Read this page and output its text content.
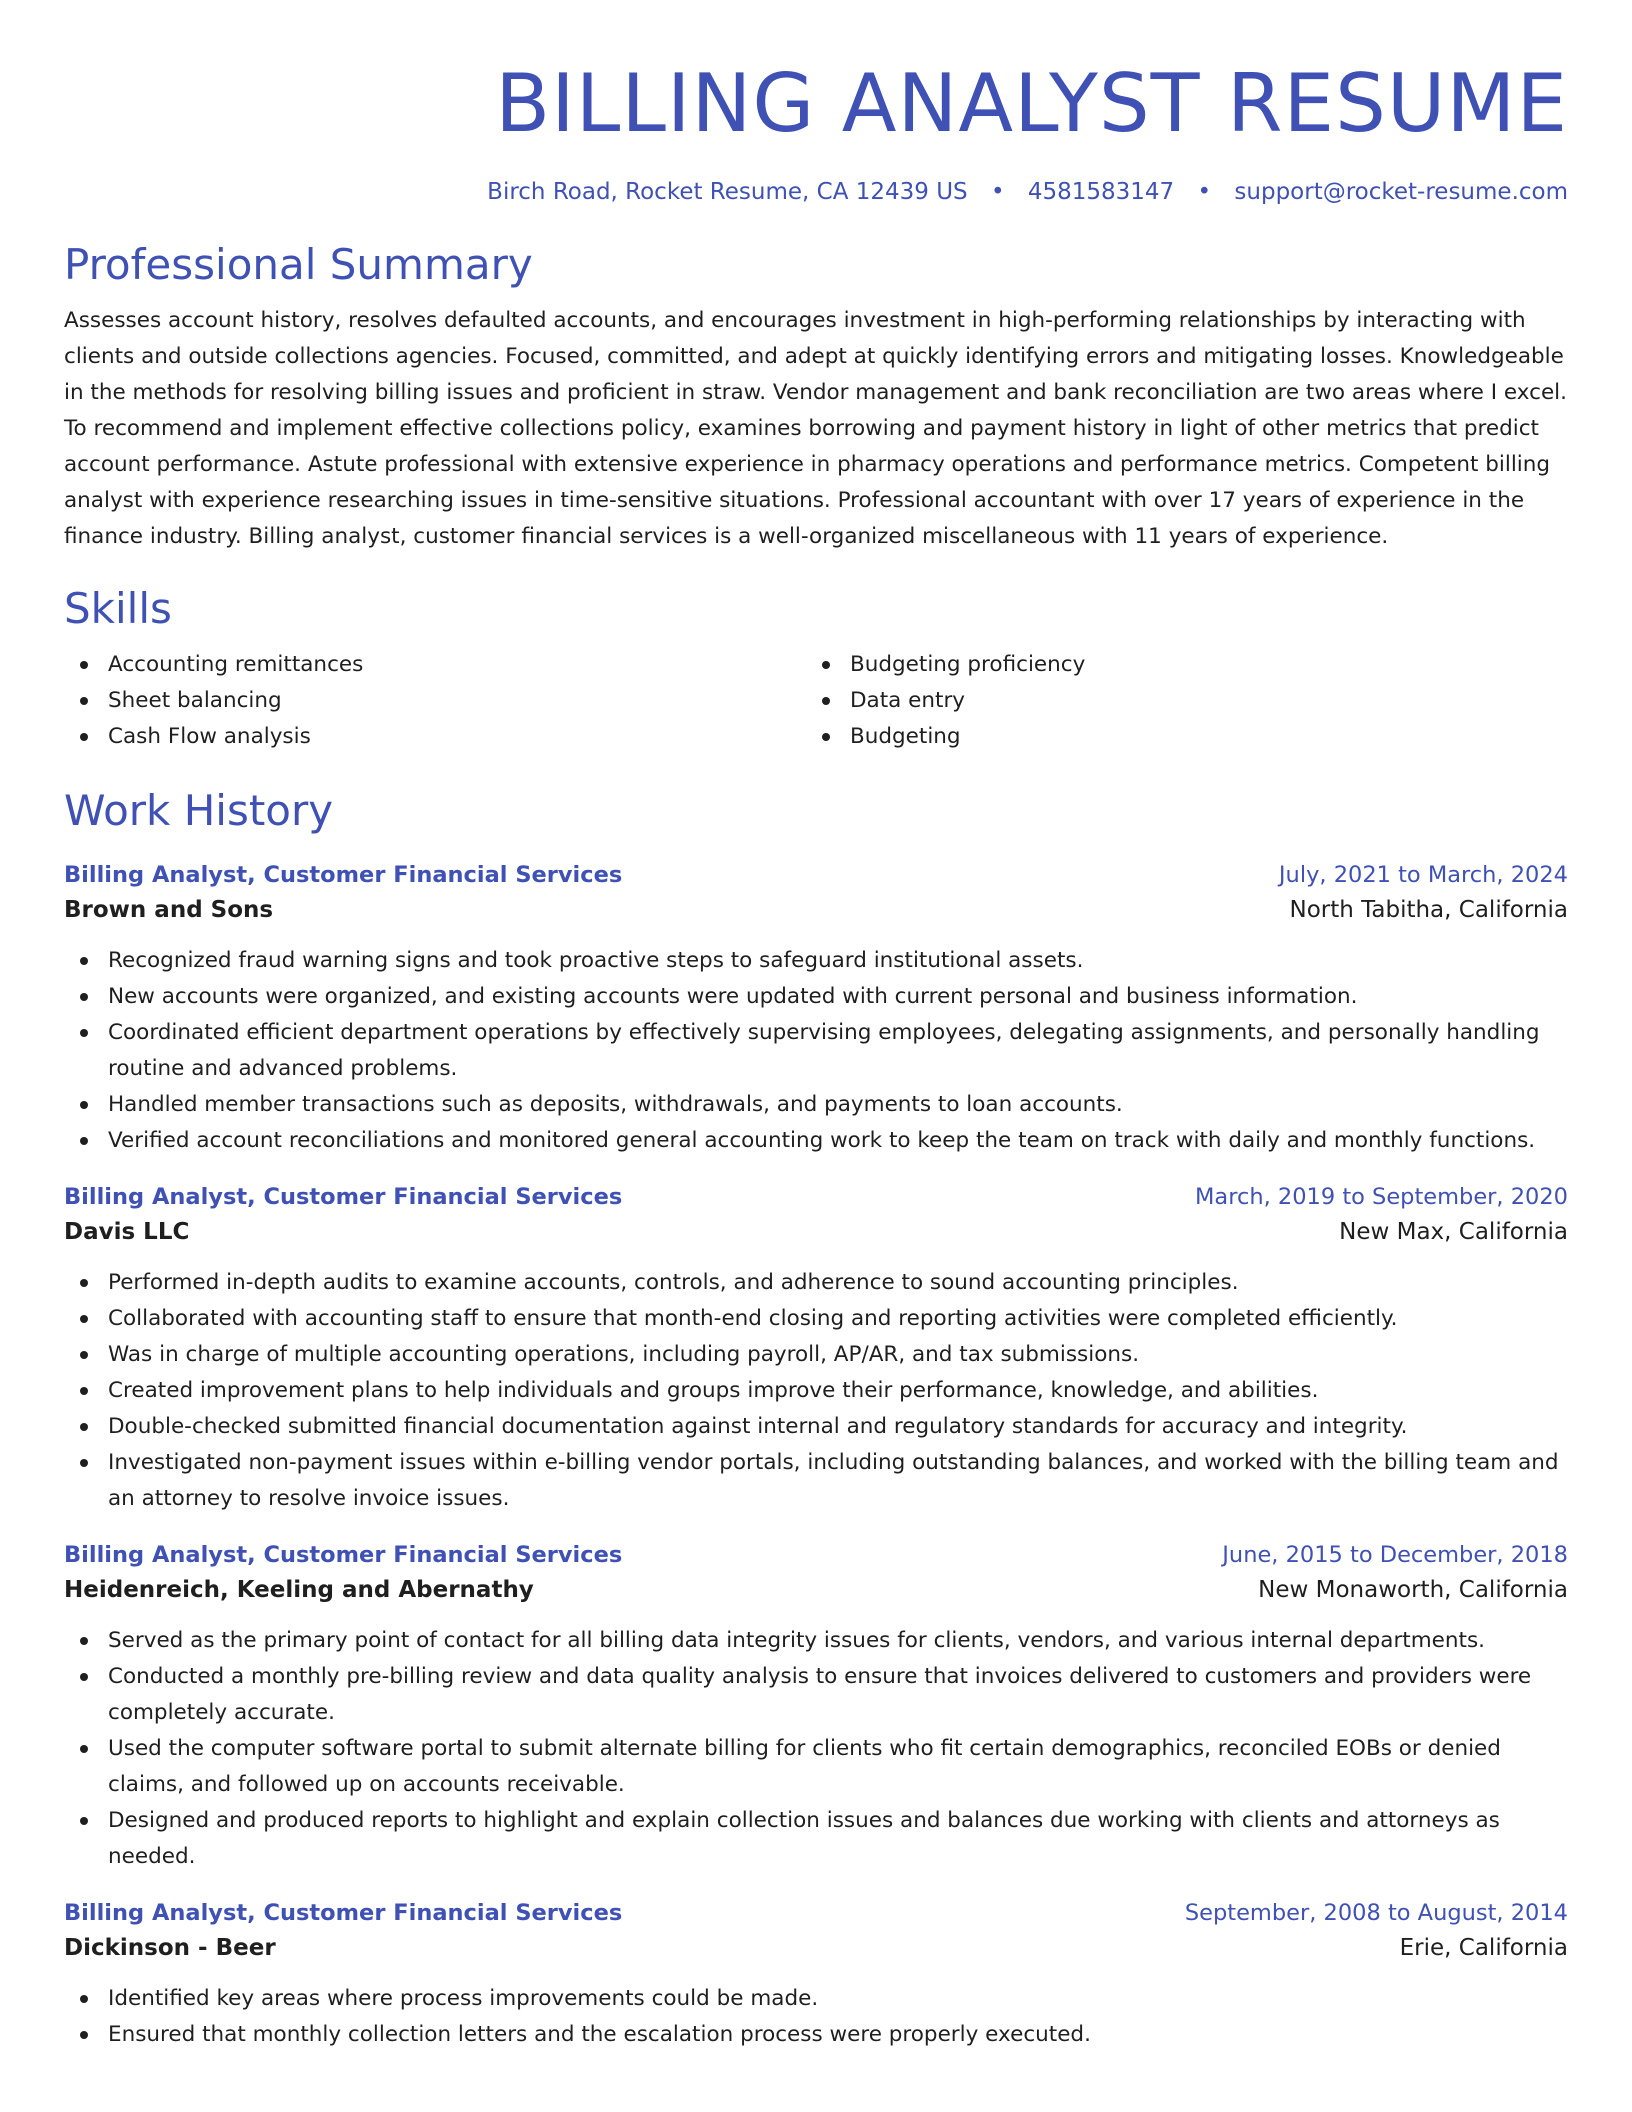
BILLING ANALYST RESUME
Birch Road, Rocket Resume, CA 12439 US • 4581583147 • support@rocket-resume.com
Professional Summary
Assesses account history, resolves defaulted accounts, and encourages investment in high-performing relationships by interacting with clients and outside collections agencies. Focused, committed, and adept at quickly identifying errors and mitigating losses. Knowledgeable in the methods for resolving billing issues and proficient in straw. Vendor management and bank reconciliation are two areas where I excel. To recommend and implement effective collections policy, examines borrowing and payment history in light of other metrics that predict account performance. Astute professional with extensive experience in pharmacy operations and performance metrics. Competent billing analyst with experience researching issues in time-sensitive situations. Professional accountant with over 17 years of experience in the finance industry. Billing analyst, customer financial services is a well-organized miscellaneous with 11 years of experience.
Skills
Accounting remittances
Sheet balancing
Cash Flow analysis
Budgeting proficiency
Data entry
Budgeting
Work History
Billing Analyst, Customer Financial Services	July, 2021 to March, 2024
Brown and Sons	North Tabitha, California
Recognized fraud warning signs and took proactive steps to safeguard institutional assets.
New accounts were organized, and existing accounts were updated with current personal and business information.
Coordinated efficient department operations by effectively supervising employees, delegating assignments, and personally handling routine and advanced problems.
Handled member transactions such as deposits, withdrawals, and payments to loan accounts.
Verified account reconciliations and monitored general accounting work to keep the team on track with daily and monthly functions.
Billing Analyst, Customer Financial Services	March, 2019 to September, 2020
Davis LLC	New Max, California
Performed in-depth audits to examine accounts, controls, and adherence to sound accounting principles.
Collaborated with accounting staff to ensure that month-end closing and reporting activities were completed efficiently.
Was in charge of multiple accounting operations, including payroll, AP/AR, and tax submissions.
Created improvement plans to help individuals and groups improve their performance, knowledge, and abilities.
Double-checked submitted financial documentation against internal and regulatory standards for accuracy and integrity.
Investigated non-payment issues within e-billing vendor portals, including outstanding balances, and worked with the billing team and an attorney to resolve invoice issues.
Billing Analyst, Customer Financial Services	June, 2015 to December, 2018
Heidenreich, Keeling and Abernathy	New Monaworth, California
Served as the primary point of contact for all billing data integrity issues for clients, vendors, and various internal departments.
Conducted a monthly pre-billing review and data quality analysis to ensure that invoices delivered to customers and providers were completely accurate.
Used the computer software portal to submit alternate billing for clients who fit certain demographics, reconciled EOBs or denied claims, and followed up on accounts receivable.
Designed and produced reports to highlight and explain collection issues and balances due working with clients and attorneys as needed.
Billing Analyst, Customer Financial Services	September, 2008 to August, 2014
Dickinson - Beer	Erie, California
Identified key areas where process improvements could be made.
Ensured that monthly collection letters and the escalation process were properly executed.
